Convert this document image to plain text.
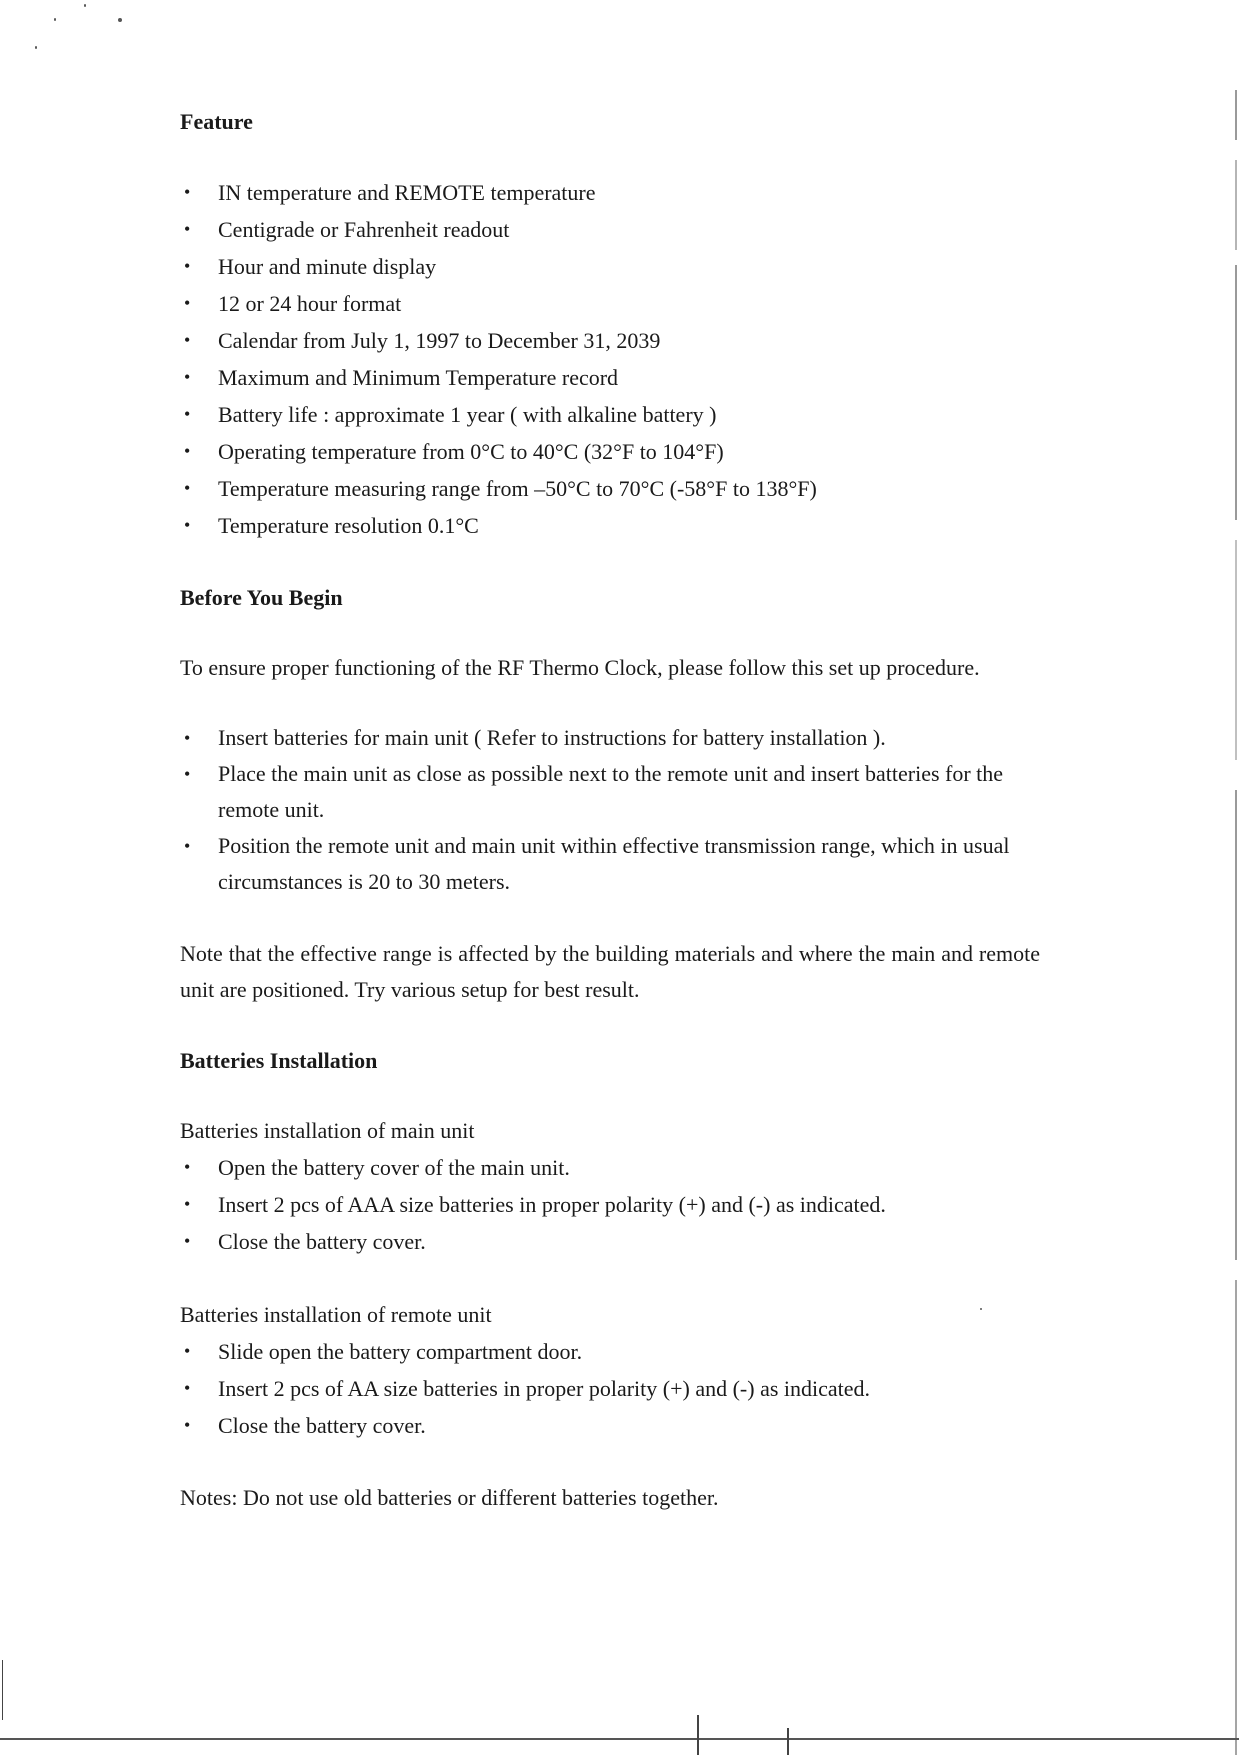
Feature
• IN temperature and REMOTE temperature
• Centigrade or Fahrenheit readout
• Hour and minute display
• 12 or 24 hour format
• Calendar from July 1, 1997 to December 31, 2039
• Maximum and Minimum Temperature record
• Battery life : approximate 1 year ( with alkaline battery )
• Operating temperature from 0°C to 40°C (32°F to 104°F)
• Temperature measuring range from –50°C to 70°C (-58°F to 138°F)
• Temperature resolution 0.1°C
Before You Begin

To ensure proper functioning of the RF Thermo Clock, please follow this set up procedure.

• Insert batteries for main unit ( Refer to instructions for battery installation ).
• Place the main unit as close as possible next to the remote unit and insert batteries for the remote unit.
• Position the remote unit and main unit within effective transmission range, which in usual circumstances is 20 to 30 meters.

Note that the effective range is affected by the building materials and where the main and remote unit are positioned. Try various setup for best result.

Batteries Installation

Batteries installation of main unit

• Open the battery cover of the main unit.
• Insert 2 pcs of AAA size batteries in proper polarity (+) and (-) as indicated.
• Close the battery cover.

Batteries installation of remote unit

• Slide open the battery compartment door.
• Insert 2 pcs of AA size batteries in proper polarity (+) and (-) as indicated.
• Close the battery cover.

Notes: Do not use old batteries or different batteries together.
